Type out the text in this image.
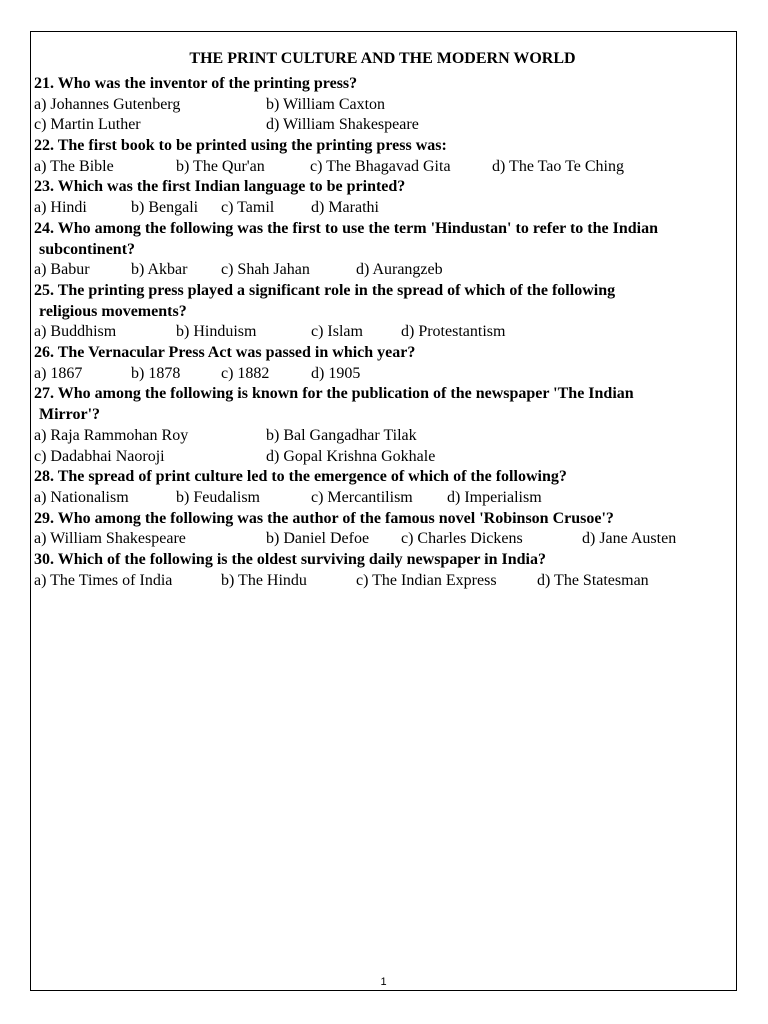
THE PRINT CULTURE AND THE MODERN WORLD
21. Who was the inventor of the printing press?
a) Johannes Gutenberg	b) William Caxton
c) Martin Luther	d) William Shakespeare
22. The first book to be printed using the printing press was:
a) The Bible	b) The Qur'an	c) The Bhagavad Gita	d) The Tao Te Ching
23. Which was the first Indian language to be printed?
a) Hindi	b) Bengali c) Tamil d) Marathi
24. Who among the following was the first to use the term 'Hindustan' to refer to the Indian
subcontinent?
a) Babur	b) Akbar c) Shah Jahan	d) Aurangzeb
25. The printing press played a significant role in the spread of which of the following
religious movements?
a) Buddhism	b) Hinduism	c) Islam d) Protestantism
26. The Vernacular Press Act was passed in which year?
a) 1867	b) 1878	c) 1882	d) 1905
27. Who among the following is known for the publication of the newspaper 'The Indian
Mirror'?
a) Raja Rammohan Roy	b) Bal Gangadhar Tilak
c) Dadabhai Naoroji	d) Gopal Krishna Gokhale
28. The spread of print culture led to the emergence of which of the following?
a) Nationalism	b) Feudalism	c) Mercantilism d) Imperialism
29. Who among the following was the author of the famous novel 'Robinson Crusoe'?
a) William Shakespeare	b) Daniel Defoe c) Charles Dickens	d) Jane Austen
30. Which of the following is the oldest surviving daily newspaper in India?
a) The Times of India	b) The Hindu	c) The Indian Express	d) The Statesman
1
